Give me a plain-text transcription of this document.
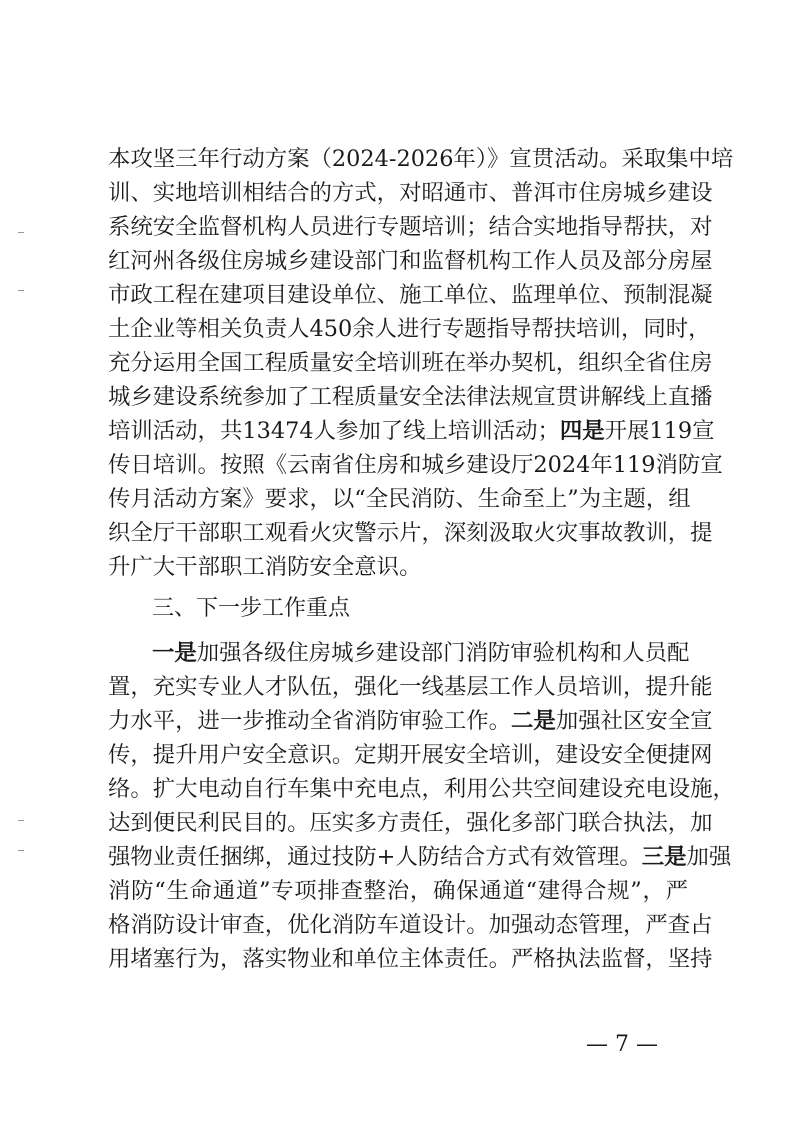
本攻坚三年行动方案（2024-2026年）》宣贯活动。采取集中培
训、实地培训相结合的方式，对昭通市、普洱市住房城乡建设
系统安全监督机构人员进行专题培训；结合实地指导帮扶，对
红河州各级住房城乡建设部门和监督机构工作人员及部分房屋
市政工程在建项目建设单位、施工单位、监理单位、预制混凝
土企业等相关负责人450余人进行专题指导帮扶培训，同时，
充分运用全国工程质量安全培训班在举办契机，组织全省住房
城乡建设系统参加了工程质量安全法律法规宣贯讲解线上直播
培训活动，共13474人参加了线上培训活动；四是开展119宣
传日培训。按照《云南省住房和城乡建设厅2024年119消防宣
传月活动方案》要求，以“全民消防、生命至上”为主题，组
织全厅干部职工观看火灾警示片，深刻汲取火灾事故教训，提
升广大干部职工消防安全意识。
三、下一步工作重点
一是加强各级住房城乡建设部门消防审验机构和人员配
置，充实专业人才队伍，强化一线基层工作人员培训，提升能
力水平，进一步推动全省消防审验工作。二是加强社区安全宣
传，提升用户安全意识。定期开展安全培训，建设安全便捷网
络。扩大电动自行车集中充电点，利用公共空间建设充电设施，
达到便民利民目的。压实多方责任，强化多部门联合执法，加
强物业责任捆绑，通过技防+人防结合方式有效管理。三是加强
消防“生命通道”专项排查整治，确保通道“建得合规”，严
格消防设计审查，优化消防车道设计。加强动态管理，严查占
用堵塞行为，落实物业和单位主体责任。严格执法监督，坚持
— 7 —
